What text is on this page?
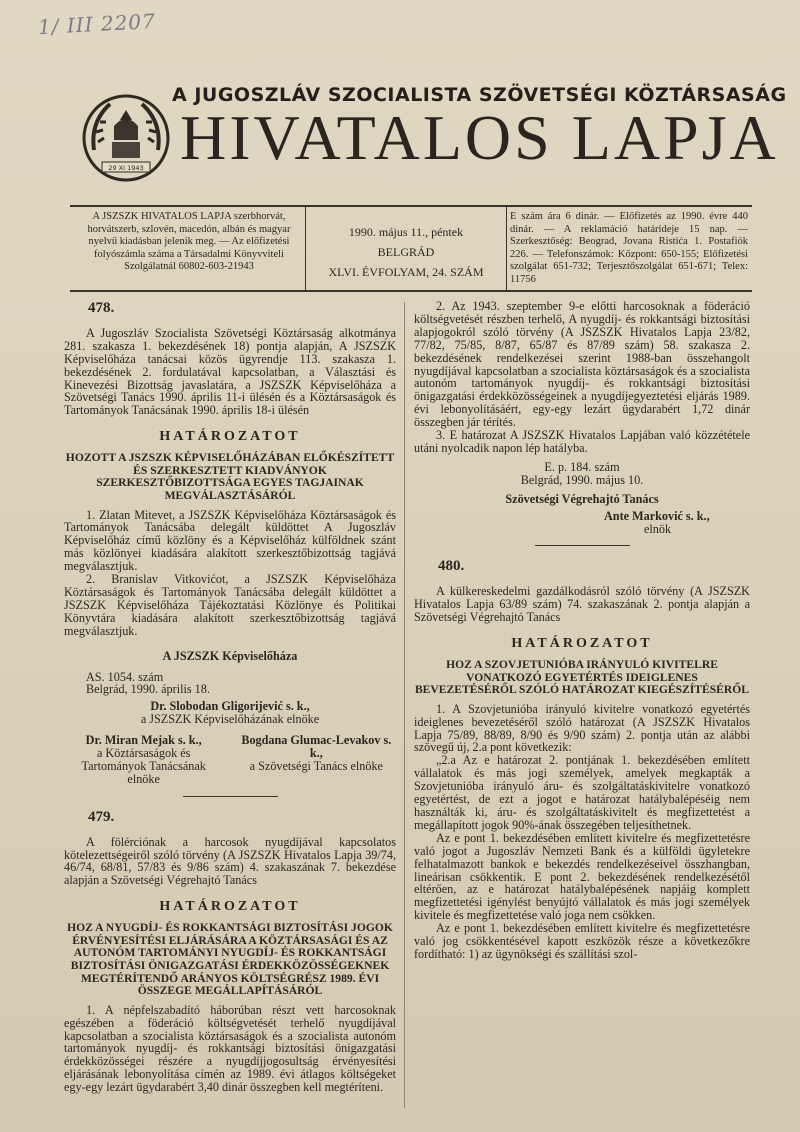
1/ III 2207
29 XI 1943
A JUGOSZLÁV SZOCIALISTA SZÖVETSÉGI KÖZTÁRSASÁG
HIVATALOS LAPJA
A JSZSZK HIVATALOS LAPJA szerbhorvát, horvátszerb, szlovén, macedón, albán és magyar nyelvű kiadásban jelenik meg. — Az előfizetési folyószámla száma a Társadalmi Könyvviteli Szolgálatnál 60802-603-21943
1990. május 11., péntek
BELGRÁD
XLVI. ÉVFOLYAM, 24. SZÁM
E szám ára 6 dinár. — Előfizetés az 1990. évre 440 dinár. — A reklamáció határideje 15 nap. — Szerkesztőség: Beograd, Jovana Ristića 1. Postafiók 226. — Telefonszámok: Központ: 650-155; Előfizetési szolgálat 651-732; Terjesztőszolgálat 651-671; Telex: 11756
478.

A Jugoszláv Szocialista Szövetségi Köztársaság alkotmánya 281. szakasza 1. bekezdésének 18) pontja alapján, A JSZSZK Képviselőháza tanácsai közös ügyrendje 113. szakasza 1. bekezdésének 2. fordulatával kapcsolatban, a Választási és Kinevezési Bizottság javaslatára, a JSZSZK Képviselőháza a Szövetségi Tanács 1990. április 11-i ülésén és a Köztársaságok és Tartományok Tanácsának 1990. április 18-i ülésén

HATÁROZATOT
HOZOTT A JSZSZK KÉPVISELŐHÁZÁBAN ELŐKÉSZÍTETT ÉS SZERKESZTETT KIADVÁNYOK SZERKESZTŐBIZOTTSÁGA EGYES TAGJAINAK MEGVÁLASZTÁSÁRÓL

1. Zlatan Mitevet, a JSZSZK Képviselőháza Köztársaságok és Tartományok Tanácsába delegált küldöttet A Jugoszláv Képviselőház című közlöny és a Képviselőház külföldnek szánt más közlönyei kiadására alakított szerkesztőbizottság tagjává megválasztjuk.

2. Branislav Vitkovićot, a JSZSZK Képviselőháza Köztársaságok és Tartományok Tanácsába delegált küldöttet a JSZSZK Képviselőháza Tájékoztatási Közlönye és Politikai Könyvtára kiadására alakított szerkesztőbizottság tagjává megválasztjuk.

A JSZSZK Képviselőháza

AS. 1054. szám

Belgrád, 1990. április 18.

Dr. Slobodan Gligorijević s. k.,
a JSZSZK Képviselőházának elnöke

Dr. Miran Mejak s. k.,
a Köztársaságok és Tartományok Tanácsának elnöke
Bogdana Glumac-Levakov s. k.,
a Szövetségi Tanács elnöke
479.

A fölérciónak a harcosok nyugdíjával kapcsolatos kötelezettségeiről szóló törvény (A JSZSZK Hivatalos Lapja 39/74, 46/74, 68/81, 57/83 és 9/86 szám) 4. szakaszának 7. bekezdése alapján a Szövetségi Végrehajtó Tanács

HATÁROZATOT
HOZ A NYUGDÍJ- ÉS ROKKANTSÁGI BIZTOSÍTÁSI JOGOK ÉRVÉNYESÍTÉSI ELJÁRÁSÁRA A KÖZTÁRSASÁGI ÉS AZ AUTONÓM TARTOMÁNYI NYUGDÍJ- ÉS ROKKANTSÁGI BIZTOSÍTÁSI ÖNIGAZGATÁSI ÉRDEKKÖZÖSSÉGEKNEK MEGTÉRÍTENDŐ ARÁNYOS KÖLTSÉGRÉSZ 1989. ÉVI ÖSSZEGE MEGÁLLAPÍTÁSÁRÓL

1. A népfelszabadító háborúban részt vett harcosoknak egészében a föderáció költségvetését terhelő nyugdíjával kapcsolatban a szocialista köztársaságok és a szocialista autonóm tartományok nyugdíj- és rokkantsági biztosítási önigazgatási érdekközösségei részére a nyugdíjjogosultság érvényesítési eljárásának lebonyolítása címén az 1989. évi átlagos költségeket egy-egy lezárt ügydarabért 3,40 dinár összegben kell megtéríteni.

2. Az 1943. szeptember 9-e előtti harcosoknak a föderáció költségvetését részben terhelő, A nyugdíj- és rokkantsági biztosítási alapjogokról szóló törvény (A JSZSZK Hivatalos Lapja 23/82, 77/82, 75/85, 8/87, 65/87 és 87/89 szám) 58. szakasza 2. bekezdésének rendelkezései szerint 1988-ban összehangolt nyugdíjával kapcsolatban a szocialista köztársaságok és a szocialista autonóm tartományok nyugdíj- és rokkantsági biztosítási önigazgatási érdekközösségeinek a nyugdíjegyeztetési eljárás 1989. évi lebonyolításáért, egy-egy lezárt ügydarabért 1,72 dinár összegben jár térítés.

3. E határozat A JSZSZK Hivatalos Lapjában való közzététele utáni nyolcadik napon lép hatályba.

E. p. 184. szám

Belgrád, 1990. május 10.

Szövetségi Végrehajtó Tanács

Ante Marković s. k.,
elnök

480.

A külkereskedelmi gazdálkodásról szóló törvény (A JSZSZK Hivatalos Lapja 63/89 szám) 74. szakaszának 2. pontja alapján a Szövetségi Végrehajtó Tanács

HATÁROZATOT
HOZ A SZOVJETUNIÓBA IRÁNYULÓ KIVITELRE VONATKOZÓ EGYETÉRTÉS IDEIGLENES BEVEZETÉSÉRŐL SZÓLÓ HATÁROZAT KIEGÉSZÍTÉSÉRŐL

1. A Szovjetunióba irányuló kivitelre vonatkozó egyetértés ideiglenes bevezetéséről szóló határozat (A JSZSZK Hivatalos Lapja 75/89, 88/89, 8/90 és 9/90 szám) 2. pontja után az alábbi szövegű új, 2.a pont következik:

„2.a Az e határozat 2. pontjának 1. bekezdésében említett vállalatok és más jogi személyek, amelyek megkapták a Szovjetunióba irányuló áru- és szolgáltatáskivitelre vonatkozó egyetértést, de ezt a jogot e határozat hatálybalépéséig nem használták ki, áru- és szolgáltatáskivitelt és megfizettetést a megállapított jogok 90%-ának összegében teljesíthetnek.

Az e pont 1. bekezdésében említett kivitelre és megfizettetésre való jogot a Jugoszláv Nemzeti Bank és a külföldi ügyletekre felhatalmazott bankok e bekezdés rendelkezéseivel összhangban, lineárisan csökkentik. E pont 2. bekezdésének rendelkezésétől eltérően, az e határozat hatálybalépésének napjáig komplett megfizettetési igénylést benyújtó vállalatok és más jogi személyek kivitele és megfizettetése való joga nem csökken.

Az e pont 1. bekezdésében említett kivitelre és megfizettetésre való jog csökkentésével kapott eszközök része a következőkre fordítható: 1) az ügynökségi és szállítási szol-
